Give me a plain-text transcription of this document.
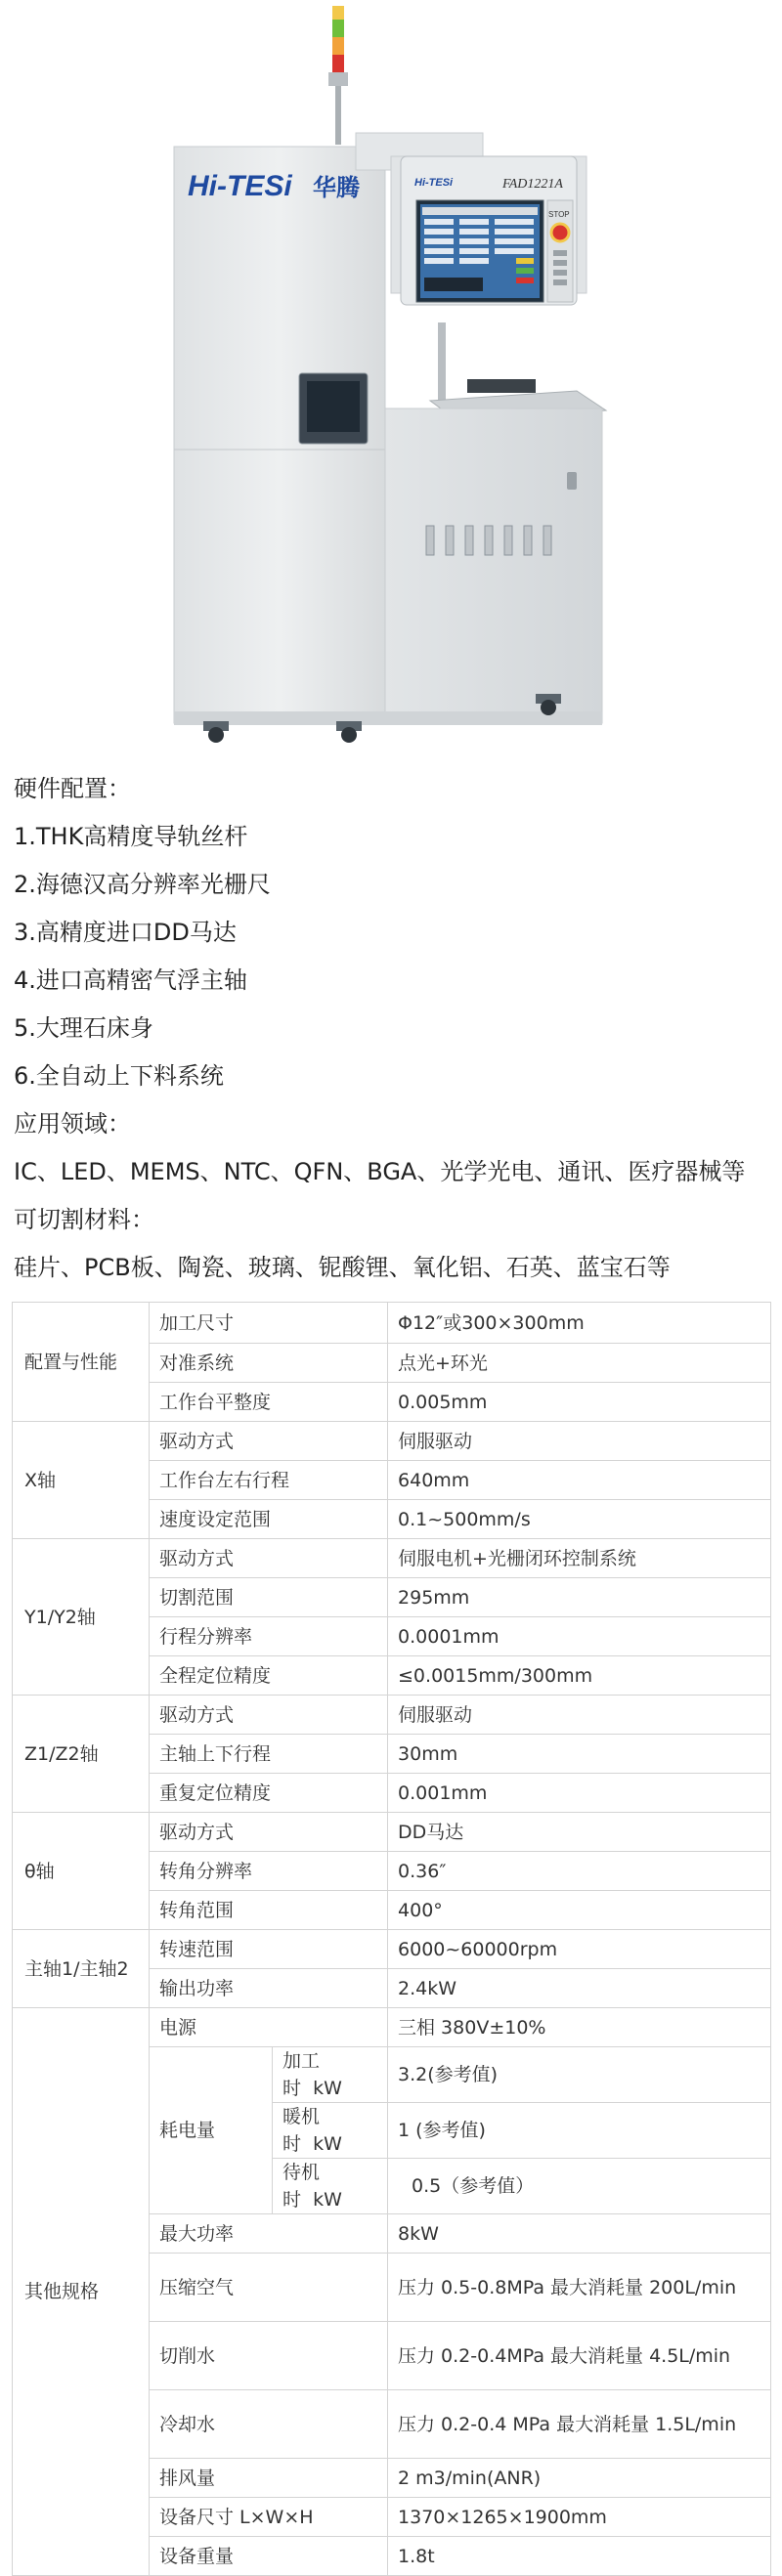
Hi-TESi 华腾	Hi-TESi	FAD1221A
STOP
硬件配置：
1.THK高精度导轨丝杆
2.海德汉高分辨率光栅尺
3.高精度进口DD马达
4.进口高精密气浮主轴
5.大理石床身
6.全自动上下料系统
应用领域：
IC、LED、MEMS、NTC、QFN、BGA、光学光电、通讯、医疗器械等
可切割材料：
硅片、PCB板、陶瓷、玻璃、铌酸锂、氧化铝、石英、蓝宝石等
配置与性能	加工尺寸		Φ12″或300×300mm
	对准系统		点光+环光
	工作台平整度		0.005mm
X轴	驱动方式		伺服驱动
	工作台左右行程		640mm
	速度设定范围		0.1~500mm/s
Y1/Y2轴	驱动方式		伺服电机+光栅闭环控制系统
	切割范围		295mm
	行程分辨率		0.0001mm
	全程定位精度		≤0.0015mm/300mm
Z1/Z2轴	驱动方式		伺服驱动
	主轴上下行程		30mm
	重复定位精度		0.001mm
θ轴	驱动方式		DD马达
	转角分辨率		0.36″
	转角范围		400°
主轴1/主轴2	转速范围		6000~60000rpm
	输出功率		2.4kW
其他规格	电源		三相 380V±10%
	耗电量	加工时 kW	3.2(参考值)
		暖机时 kW	1 (参考值)
		待机时 kW	0.5（参考值）
	最大功率		8kW
	压缩空气		压力 0.5-0.8MPa 最大消耗量 200L/min
	切削水		压力 0.2-0.4MPa 最大消耗量 4.5L/min
	冷却水		压力 0.2-0.4 MPa 最大消耗量 1.5L/min
	排风量		2 m3/min(ANR)
	设备尺寸 L×W×H		1370×1265×1900mm
	设备重量		1.8t
